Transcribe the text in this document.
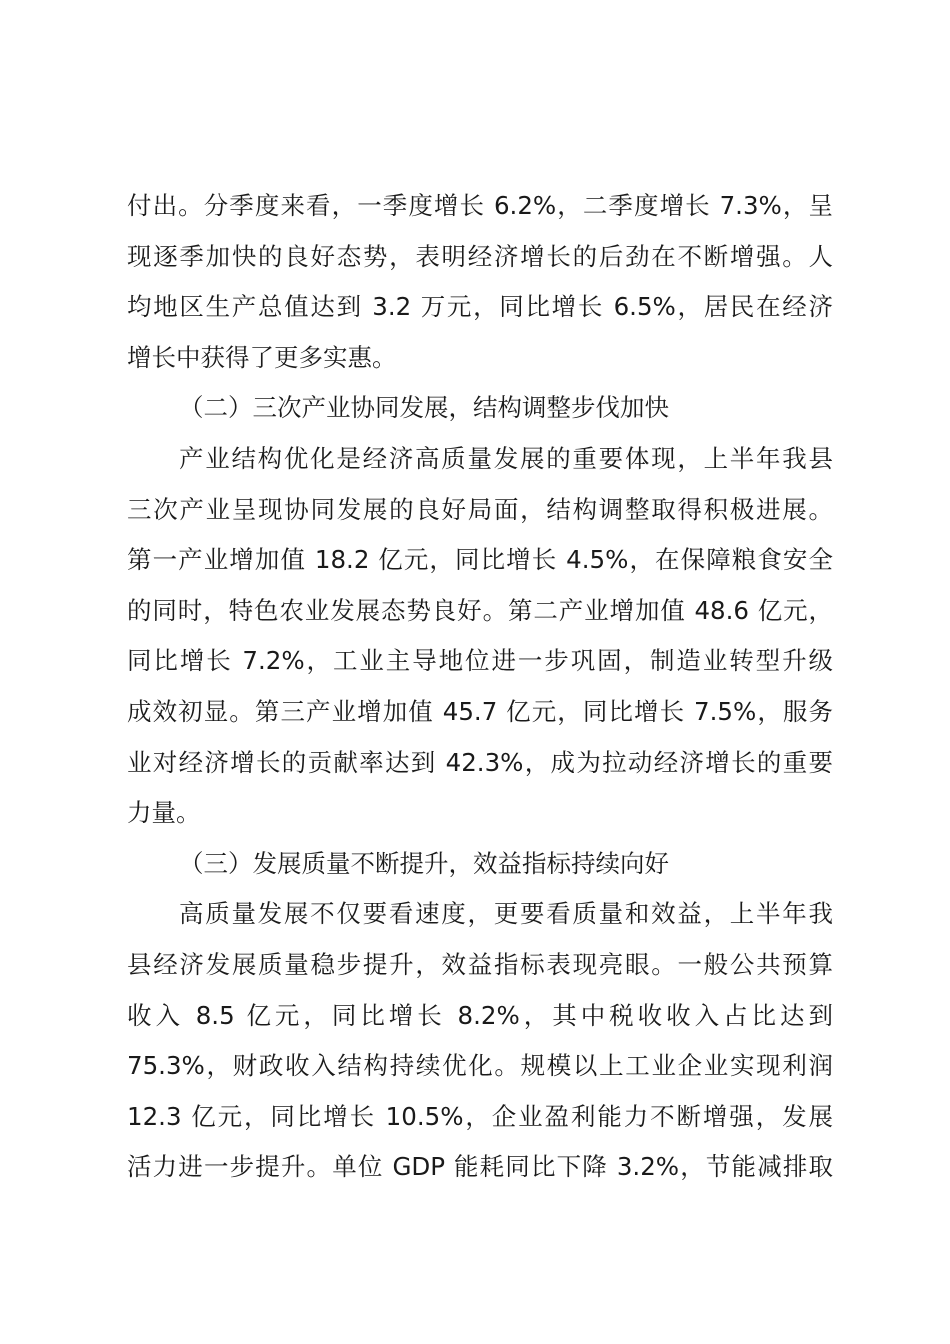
付出。分季度来看，一季度增长 6.2%，二季度增长 7.3%，呈
现逐季加快的良好态势，表明经济增长的后劲在不断增强。人
均地区生产总值达到 3.2 万元，同比增长 6.5%，居民在经济
增长中获得了更多实惠。
（二）三次产业协同发展，结构调整步伐加快
产业结构优化是经济高质量发展的重要体现，上半年我县
三次产业呈现协同发展的良好局面，结构调整取得积极进展。
第一产业增加值 18.2 亿元，同比增长 4.5%，在保障粮食安全
的同时，特色农业发展态势良好。第二产业增加值 48.6 亿元，
同比增长 7.2%，工业主导地位进一步巩固，制造业转型升级
成效初显。第三产业增加值 45.7 亿元，同比增长 7.5%，服务
业对经济增长的贡献率达到 42.3%，成为拉动经济增长的重要
力量。
（三）发展质量不断提升，效益指标持续向好
高质量发展不仅要看速度，更要看质量和效益，上半年我
县经济发展质量稳步提升，效益指标表现亮眼。一般公共预算
收入 8.5 亿元，同比增长 8.2%，其中税收收入占比达到
75.3%，财政收入结构持续优化。规模以上工业企业实现利润
12.3 亿元，同比增长 10.5%，企业盈利能力不断增强，发展
活力进一步提升。单位 GDP 能耗同比下降 3.2%，节能减排取
